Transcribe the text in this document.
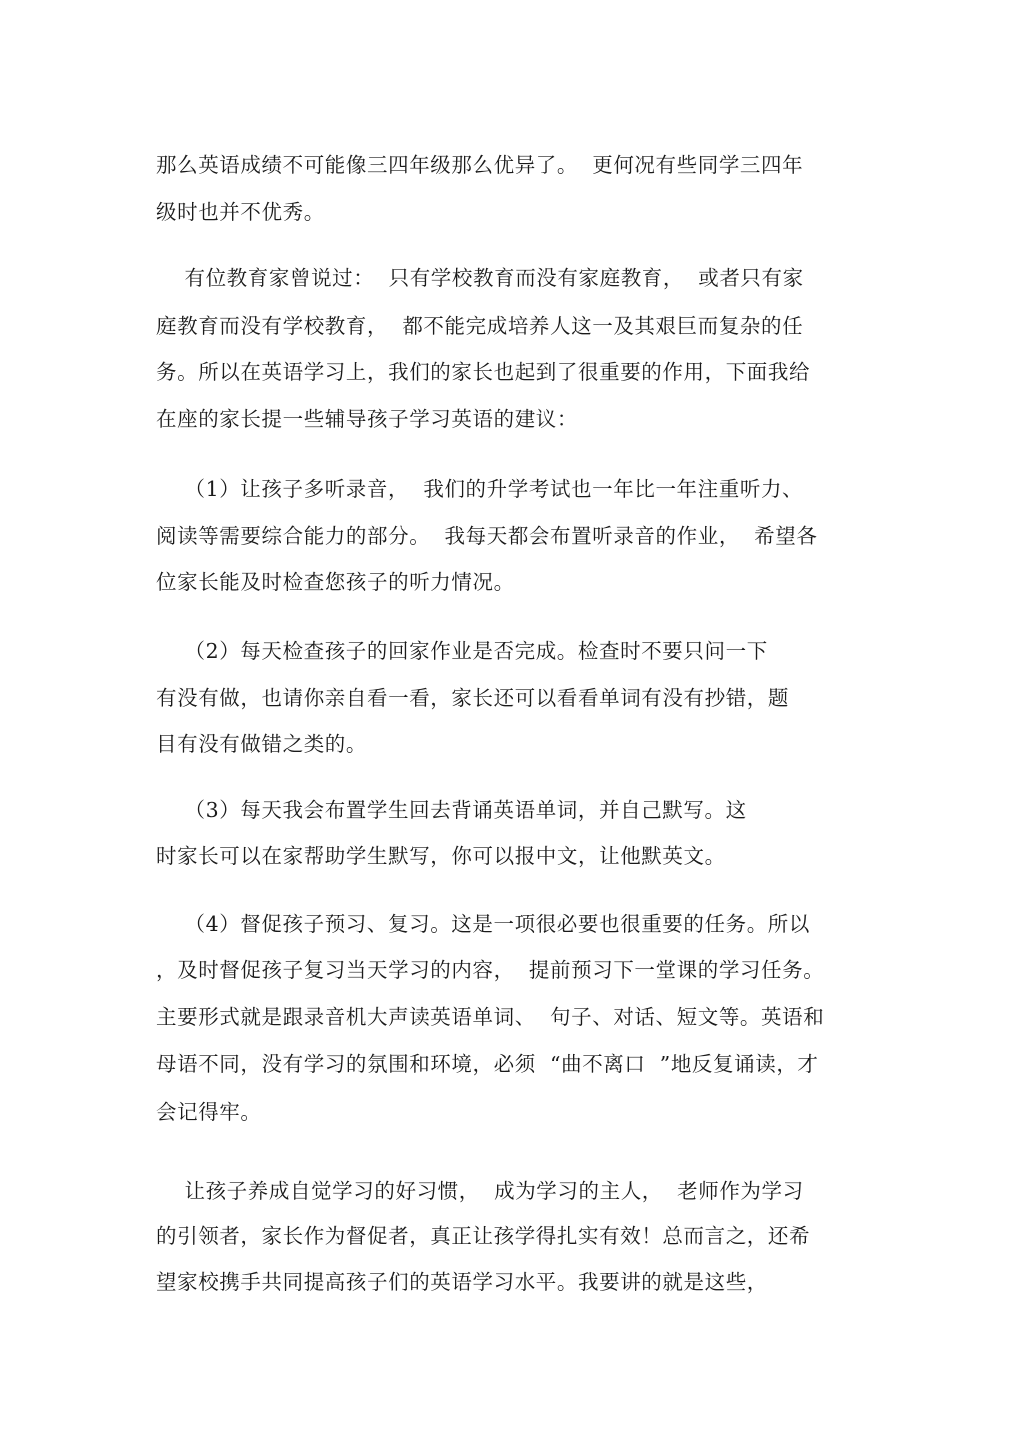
那么英语成绩不可能像三四年级那么优异了。  更何况有些同学三四年
级时也并不优秀。
有位教育家曾说过：  只有学校教育而没有家庭教育，  或者只有家
庭教育而没有学校教育，  都不能完成培养人这一及其艰巨而复杂的任
务。所以在英语学习上，我们的家长也起到了很重要的作用，下面我给
在座的家长提一些辅导孩子学习英语的建议：
（1）让孩子多听录音，  我们的升学考试也一年比一年注重听力、
阅读等需要综合能力的部分。  我每天都会布置听录音的作业，  希望各
位家长能及时检查您孩子的听力情况。
（2）每天检查孩子的回家作业是否完成。检查时不要只问一下
有没有做，也请你亲自看一看，家长还可以看看单词有没有抄错，题
目有没有做错之类的。
（3）每天我会布置学生回去背诵英语单词，并自己默写。这
时家长可以在家帮助学生默写，你可以报中文，让他默英文。
（4）督促孩子预习、复习。这是一项很必要也很重要的任务。所以
，及时督促孩子复习当天学习的内容，  提前预习下一堂课的学习任务。
主要形式就是跟录音机大声读英语单词、  句子、对话、短文等。英语和
母语不同，没有学习的氛围和环境，必须  “曲不离口  ”地反复诵读，才
会记得牢。
让孩子养成自觉学习的好习惯，  成为学习的主人，  老师作为学习
的引领者，家长作为督促者，真正让孩学得扎实有效！总而言之，还希
望家校携手共同提高孩子们的英语学习水平。我要讲的就是这些，
